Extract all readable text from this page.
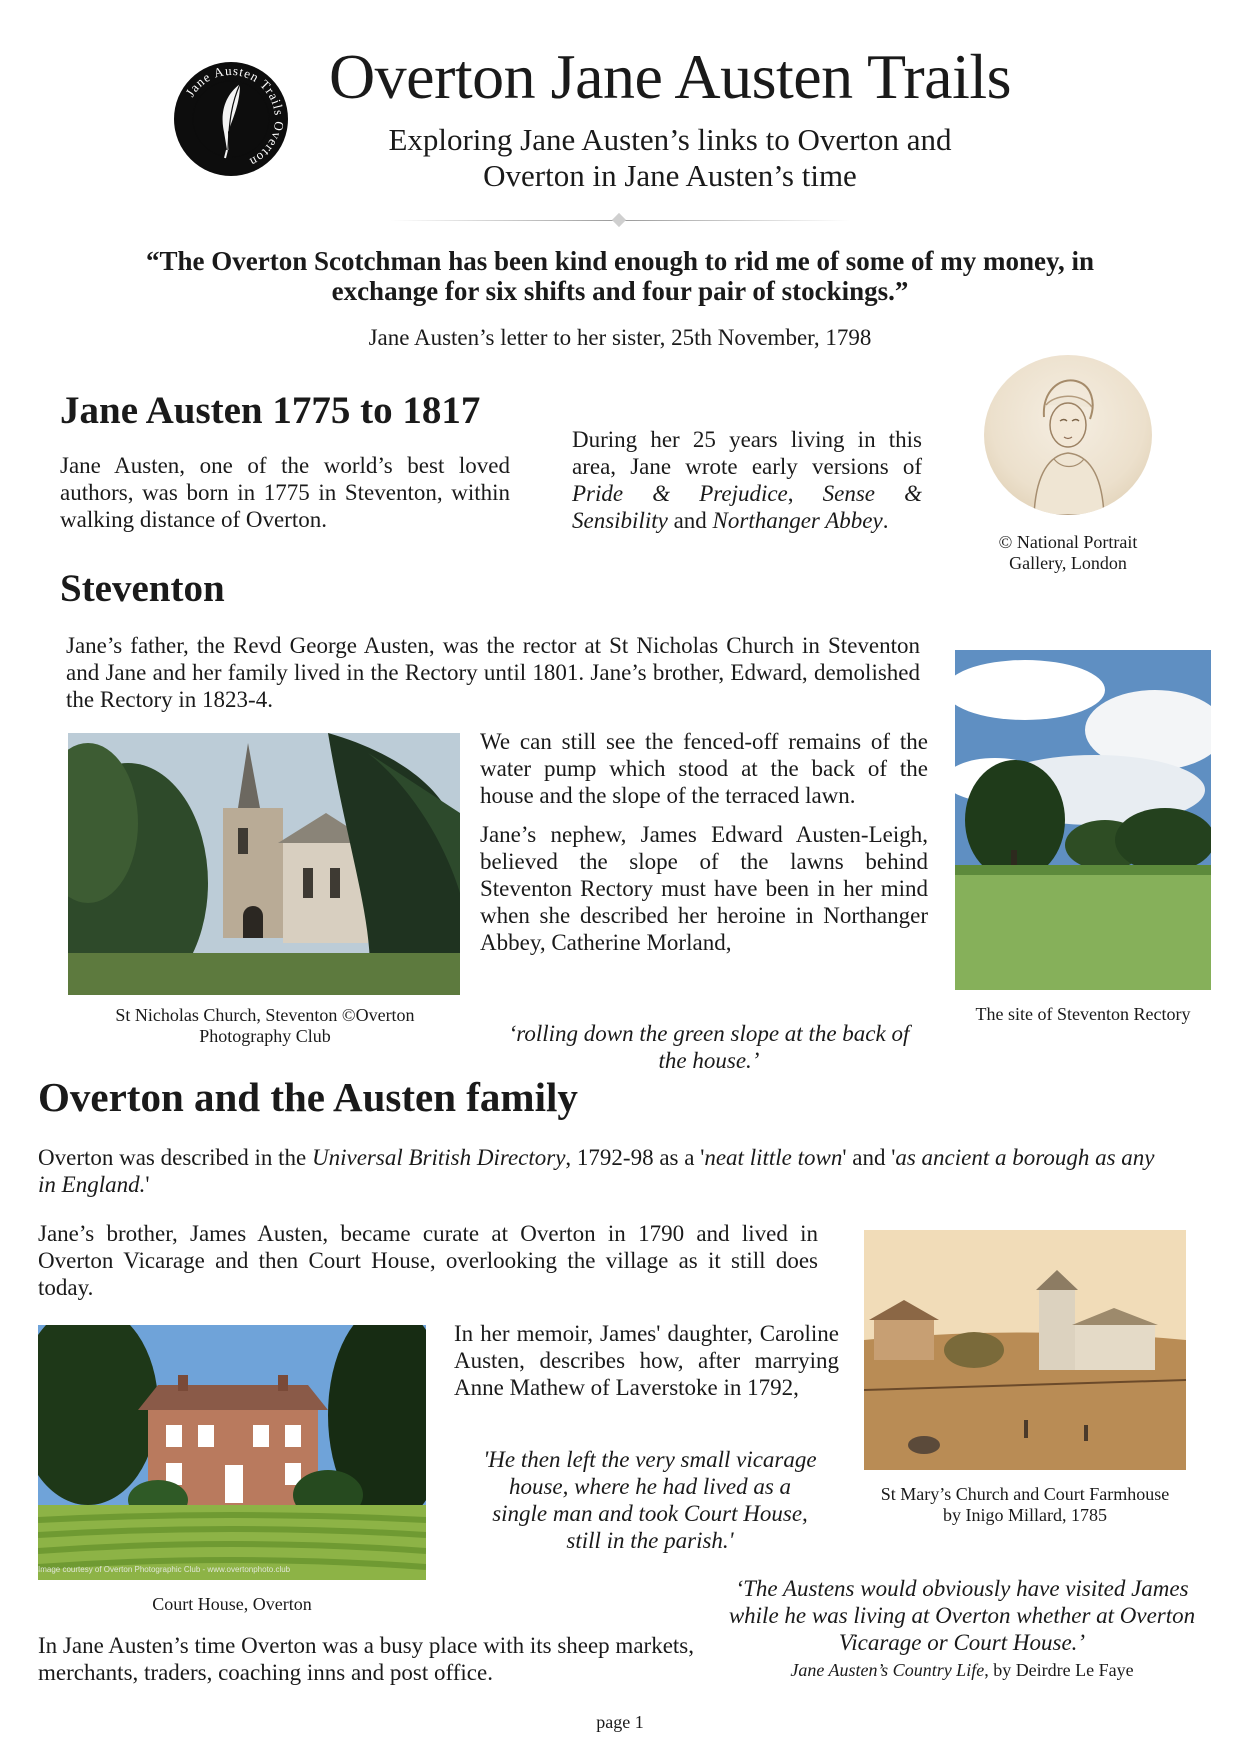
Jane Austen Trails Overton
Overton Jane Austen Trails
Exploring Jane Austen’s links to Overton and
Overton in Jane Austen’s time
“The Overton Scotchman has been kind enough to rid me of some of my money, in
exchange for six shifts and four pair of stockings.”
Jane Austen’s letter to her sister, 25th November, 1798
Jane Austen 1775 to 1817

Jane Austen, one of the world’s best loved authors, was born in 1775 in Steventon, within walking distance of Overton.

During her 25 years living in this area, Jane wrote early versions of Pride & Prejudice, Sense & Sensibility and Northanger Abbey.

© National Portrait
Gallery, London
Steventon

Jane’s father, the Revd George Austen, was the rector at St Nicholas Church in Steventon and Jane and her family lived in the Rectory until 1801. Jane’s brother, Edward, demolished the Rectory in 1823-4.

St Nicholas Church, Steventon ©Overton
Photography Club

We can still see the fenced-off remains of the water pump which stood at the back of the house and the slope of the terraced lawn.

Jane’s nephew, James Edward Austen-Leigh, believed the slope of the lawns behind Steventon Rectory must have been in her mind when she described her heroine in Northanger Abbey, Catherine Morland,

‘rolling down the green slope at the back of the house.’
The site of Steventon Rectory
Overton and the Austen family

Overton was described in the Universal British Directory, 1792-98 as a 'neat little town' and 'as ancient a borough as any in England.'

Jane’s brother, James Austen, became curate at Overton in 1790 and lived in Overton Vicarage and then Court House, overlooking the village as it still does today.

Image courtesy of Overton Photographic Club - www.overtonphoto.club
Court House, Overton

In her memoir, James' daughter, Caroline Austen, describes how, after marrying Anne Mathew of Laverstoke in 1792,

'He then left the very small vicarage house, where he had lived as a single man and took Court House, still in the parish.'
St Mary’s Church and Court Farmhouse
by Inigo Millard, 1785

In Jane Austen’s time Overton was a busy place with its sheep markets, merchants, traders, coaching inns and post office.

‘The Austens would obviously have visited James while he was living at Overton whether at Overton Vicarage or Court House.’
Jane Austen’s Country Life, by Deirdre Le Faye
page 1
